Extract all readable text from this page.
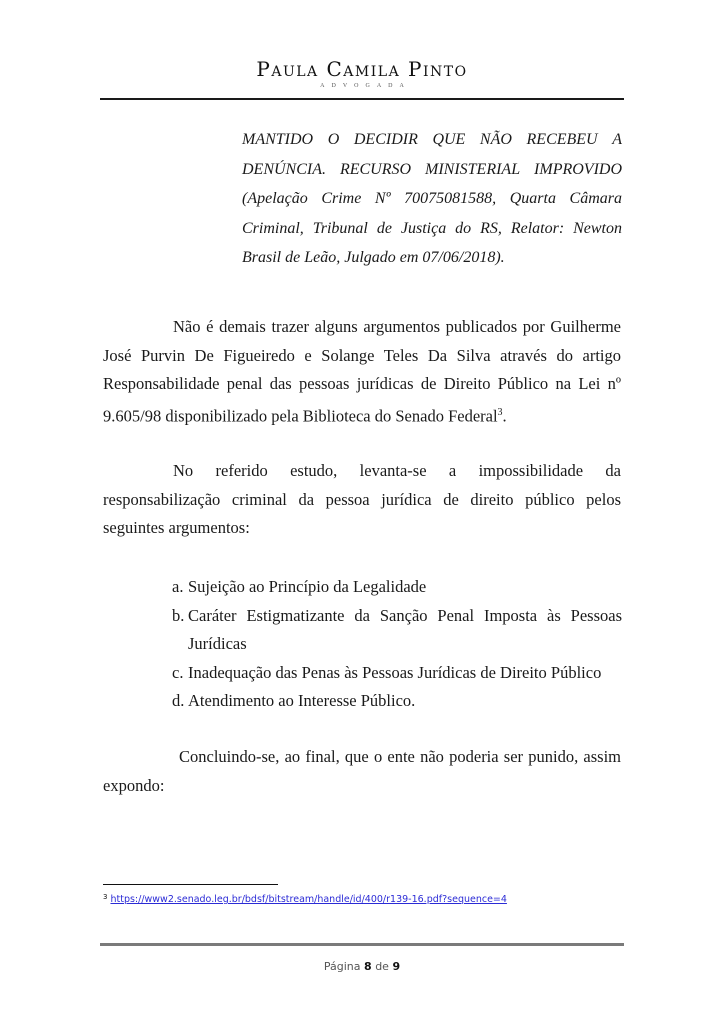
Paula Camila Pinto
ADVOGADA
MANTIDO O DECIDIR QUE NÃO RECEBEU A
DENÚNCIA. RECURSO MINISTERIAL IMPROVIDO

(Apelação Crime Nº 70075081588, Quarta Câmara Criminal, Tribunal de Justiça do RS, Relator: Newton Brasil de Leão, Julgado em 07/06/2018).

Não é demais trazer alguns argumentos publicados por Guilherme José Purvin De Figueiredo e Solange Teles Da Silva através do artigo Responsabilidade penal das pessoas jurídicas de Direito Público na Lei nº 9.605/98 disponibilizado pela Biblioteca do Senado Federal$^3$.

No referido estudo, levanta-se a impossibilidade da responsabilização criminal da pessoa jurídica de direito público pelos seguintes argumentos:

a. Sujeição ao Princípio da Legalidade
b. Caráter Estigmatizante da Sanção Penal Imposta às Pessoas Jurídicas
c. Inadequação das Penas às Pessoas Jurídicas de Direito Público
d. Atendimento ao Interesse Público.

Concluindo-se, ao final, que o ente não poderia ser punido, assim expondo:

$^3$ https://www2.senado.leg.br/bdsf/bitstream/handle/id/400/r139-16.pdf?sequence=4
Página 8 de 9
